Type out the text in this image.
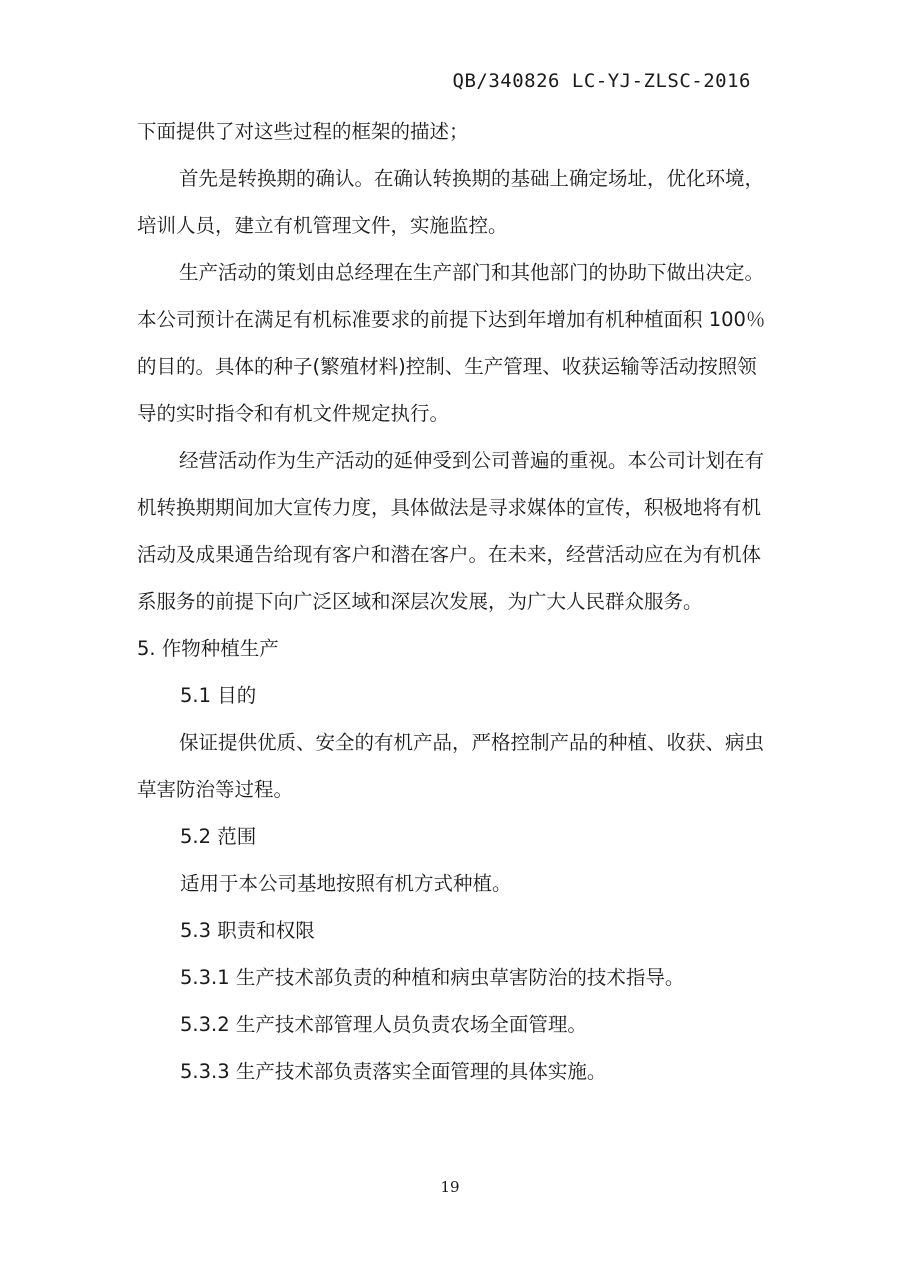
QB/340826 LC-YJ-ZLSC-2016

下面提供了对这些过程的框架的描述；

首先是转换期的确认。在确认转换期的基础上确定场址，优化环境，培训人员，建立有机管理文件，实施监控。

生产活动的策划由总经理在生产部门和其他部门的协助下做出决定。本公司预计在满足有机标准要求的前提下达到年增加有机种植面积 100％的目的。具体的种子(繁殖材料)控制、生产管理、收获运输等活动按照领导的实时指令和有机文件规定执行。

经营活动作为生产活动的延伸受到公司普遍的重视。本公司计划在有机转换期期间加大宣传力度，具体做法是寻求媒体的宣传，积极地将有机活动及成果通告给现有客户和潜在客户。在未来，经营活动应在为有机体系服务的前提下向广泛区域和深层次发展，为广大人民群众服务。

5. 作物种植生产

5.1 目的

保证提供优质、安全的有机产品，严格控制产品的种植、收获、病虫草害防治等过程。

5.2 范围

适用于本公司基地按照有机方式种植。

5.3 职责和权限

5.3.1 生产技术部负责的种植和病虫草害防治的技术指导。

5.3.2 生产技术部管理人员负责农场全面管理。

5.3.3 生产技术部负责落实全面管理的具体实施。

19
